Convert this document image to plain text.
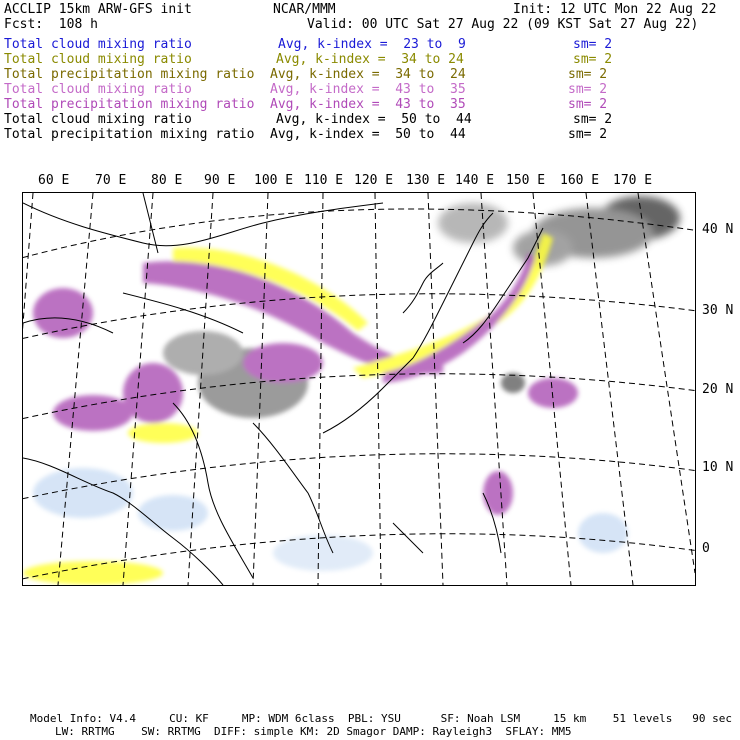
ACCLIP 15km ARW-GFS init	NCAR/MMM	Init: 12 UTC Mon 22 Aug 22
Fcst:  108 h	Valid: 00 UTC Sat 27 Aug 22 (09 KST Sat 27 Aug 22)
Total cloud mixing ratio	Avg, k-index =  23 to  9	sm= 2
Total cloud mixing ratio	Avg, k-index =  34 to 24	sm= 2
Total precipitation mixing ratio Avg, k-index =  34 to  24	sm= 2
Total cloud mixing ratio	Avg, k-index =  43 to  35	sm= 2
Total precipitation mixing ratio Avg, k-index =  43 to  35	sm= 2
Total cloud mixing ratio	Avg, k-index =  50 to  44	sm= 2
Total precipitation mixing ratio Avg, k-index =  50 to  44	sm= 2
60 E 70 E 80 E 90 E 100 E 110 E 120 E 130 E 140 E 150 E 160 E 170 E
40 N
30 N
20 N
10 N
0
Model Info: V4.4     CU: KF     MP: WDM 6class  PBL: YSU      SF: Noah LSM     15 km    51 levels   90 sec
LW: RRTMG    SW: RRTMG  DIFF: simple KM: 2D Smagor DAMP: Rayleigh3  SFLAY: MM5
